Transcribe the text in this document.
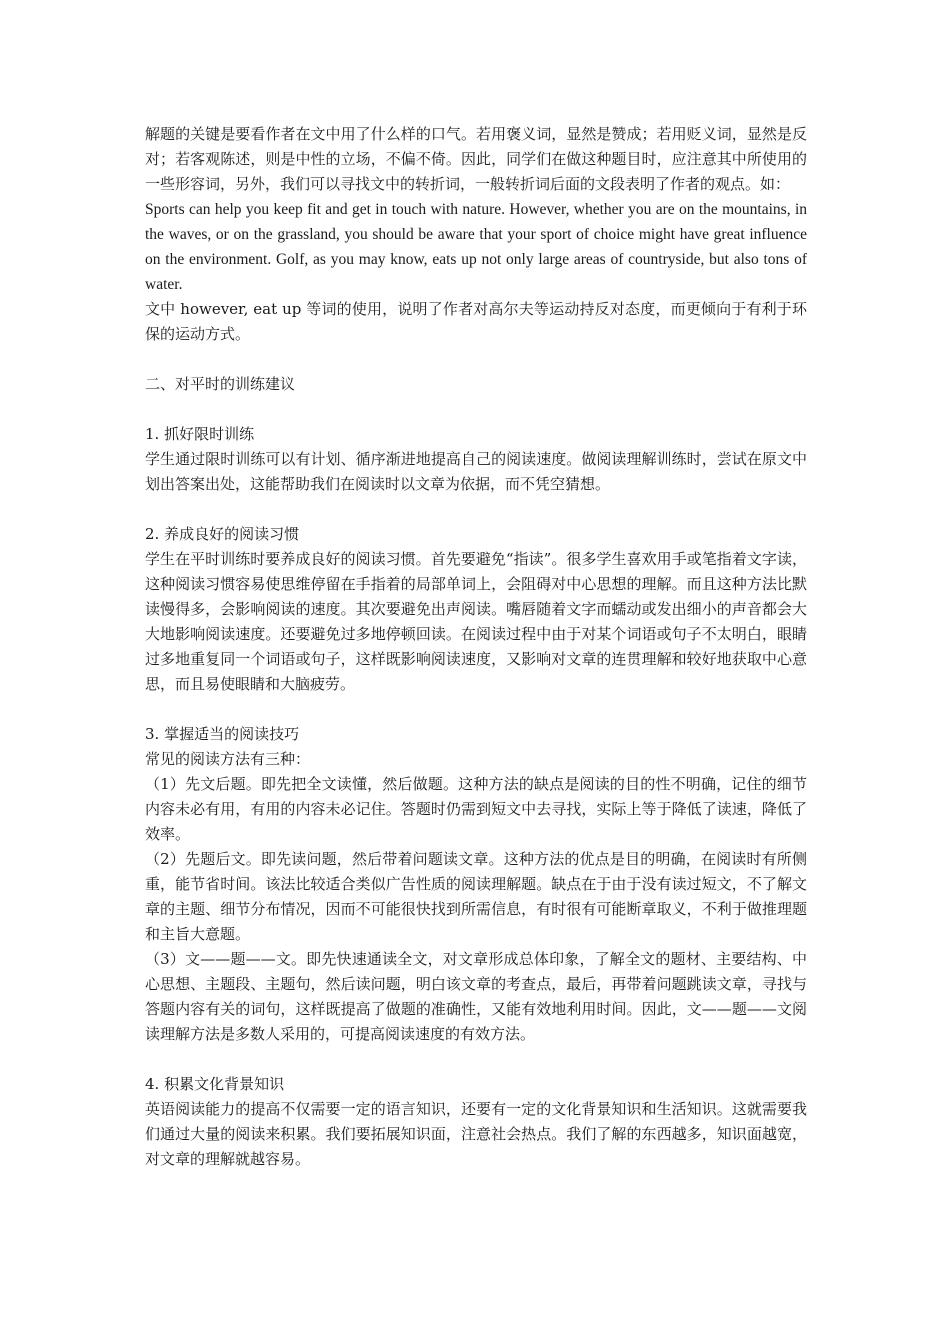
解题的关键是要看作者在文中用了什么样的口气。若用褒义词，显然是赞成；若用贬义词，显然是反对；若客观陈述，则是中性的立场，不偏不倚。因此，同学们在做这种题目时，应注意其中所使用的一些形容词，另外，我们可以寻找文中的转折词，一般转折词后面的文段表明了作者的观点。如：

Sports can help you keep fit and get in touch with nature. However, whether you are on the mountains, in the waves, or on the grassland, you should be aware that your sport of choice might have great influence on the environment. Golf, as you may know, eats up not only large areas of countryside, but also tons of water.

文中 however, eat up 等词的使用，说明了作者对高尔夫等运动持反对态度，而更倾向于有利于环保的运动方式。

二、对平时的训练建议

1. 抓好限时训练

学生通过限时训练可以有计划、循序渐进地提高自己的阅读速度。做阅读理解训练时，尝试在原文中划出答案出处，这能帮助我们在阅读时以文章为依据，而不凭空猜想。

2. 养成良好的阅读习惯

学生在平时训练时要养成良好的阅读习惯。首先要避免“指读”。很多学生喜欢用手或笔指着文字读，这种阅读习惯容易使思维停留在手指着的局部单词上，会阻碍对中心思想的理解。而且这种方法比默读慢得多，会影响阅读的速度。其次要避免出声阅读。嘴唇随着文字而蠕动或发出细小的声音都会大大地影响阅读速度。还要避免过多地停顿回读。在阅读过程中由于对某个词语或句子不太明白，眼睛过多地重复同一个词语或句子，这样既影响阅读速度，又影响对文章的连贯理解和较好地获取中心意思，而且易使眼睛和大脑疲劳。

3. 掌握适当的阅读技巧

常见的阅读方法有三种：

（1）先文后题。即先把全文读懂，然后做题。这种方法的缺点是阅读的目的性不明确，记住的细节内容未必有用，有用的内容未必记住。答题时仍需到短文中去寻找，实际上等于降低了读速，降低了效率。

（2）先题后文。即先读问题，然后带着问题读文章。这种方法的优点是目的明确，在阅读时有所侧重，能节省时间。该法比较适合类似广告性质的阅读理解题。缺点在于由于没有读过短文，不了解文章的主题、细节分布情况，因而不可能很快找到所需信息，有时很有可能断章取义，不利于做推理题和主旨大意题。

（3）文——题——文。即先快速通读全文，对文章形成总体印象，了解全文的题材、主要结构、中心思想、主题段、主题句，然后读问题，明白该文章的考查点，最后，再带着问题跳读文章，寻找与答题内容有关的词句，这样既提高了做题的准确性，又能有效地利用时间。因此，文——题——文阅读理解方法是多数人采用的，可提高阅读速度的有效方法。

4. 积累文化背景知识

英语阅读能力的提高不仅需要一定的语言知识，还要有一定的文化背景知识和生活知识。这就需要我们通过大量的阅读来积累。我们要拓展知识面，注意社会热点。我们了解的东西越多，知识面越宽，对文章的理解就越容易。
